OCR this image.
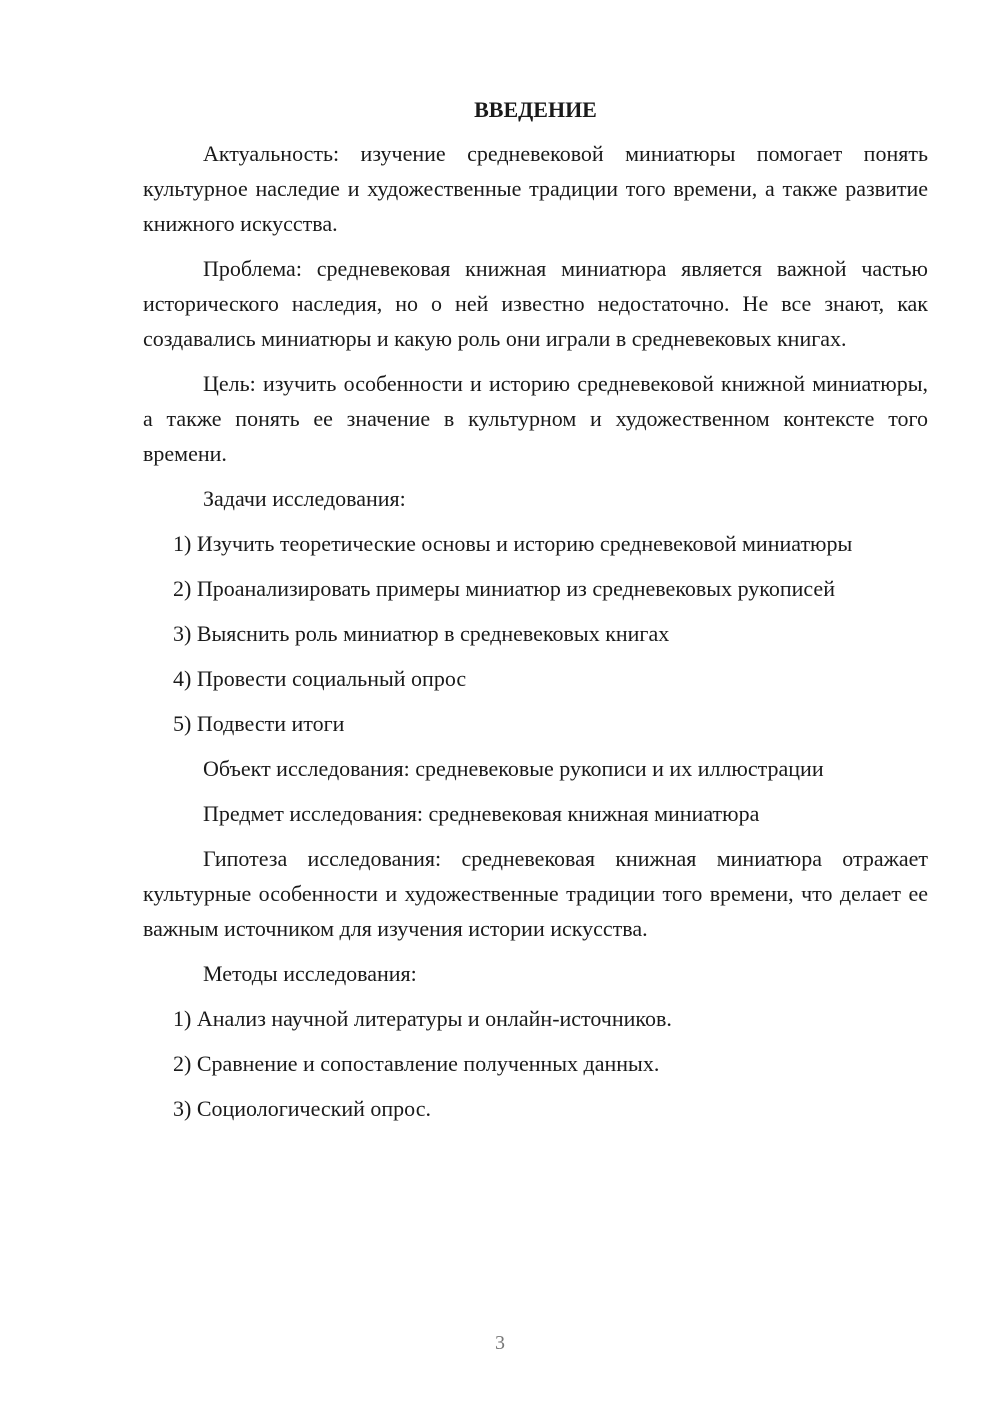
ВВЕДЕНИЕ

Актуальность: изучение средневековой миниатюры помогает понять культурное наследие и художественные традиции того времени, а также развитие книжного искусства.

Проблема: средневековая книжная миниатюра является важной частью исторического наследия, но о ней известно недостаточно. Не все знают, как создавались миниатюры и какую роль они играли в средневековых книгах.

Цель: изучить особенности и историю средневековой книжной миниатюры, а также понять ее значение в культурном и художественном контексте того времени.

Задачи исследования:

1) Изучить теоретические основы и историю средневековой миниатюры

2) Проанализировать примеры миниатюр из средневековых рукописей

3) Выяснить роль миниатюр в средневековых книгах

4) Провести социальный опрос

5) Подвести итоги

Объект исследования: средневековые рукописи и их иллюстрации

Предмет исследования: средневековая книжная миниатюра

Гипотеза исследования: средневековая книжная миниатюра отражает культурные особенности и художественные традиции того времени, что делает ее важным источником для изучения истории искусства.

Методы исследования:

1) Анализ научной литературы и онлайн-источников.

2) Сравнение и сопоставление полученных данных.

3) Социологический опрос.

3
